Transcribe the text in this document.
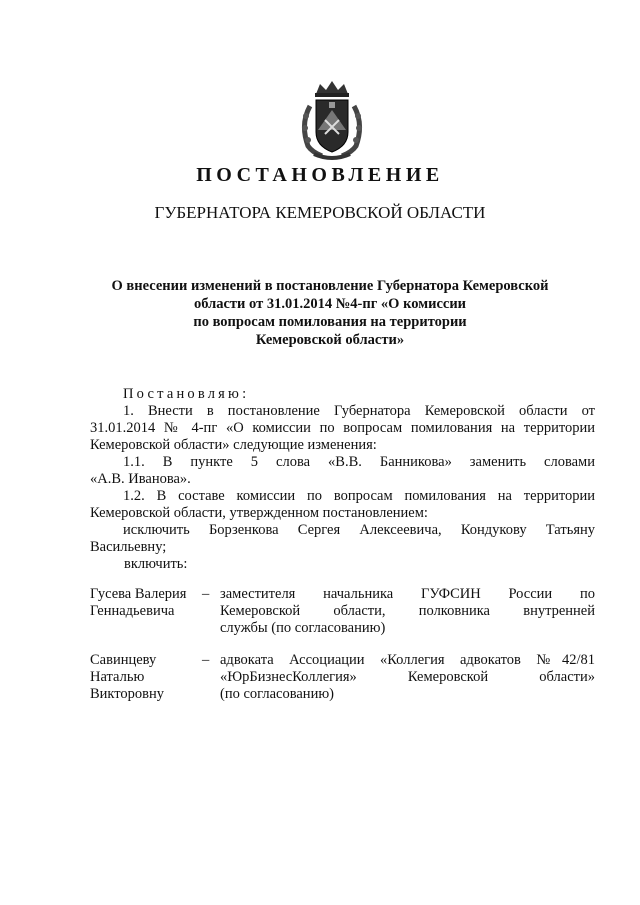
ПОСТАНОВЛЕНИЕ
ГУБЕРНАТОРА КЕМЕРОВСКОЙ ОБЛАСТИ
О внесении изменений в постановление Губернатора Кемеровской
области от 31.01.2014 №4-пг «О комиссии
по вопросам помилования на территории
Кемеровской области»
Постановляю:
1. Внести в постановление Губернатора Кемеровской области от
31.01.2014 № 4-пг «О комиссии по вопросам помилования на территории
Кемеровской области» следующие изменения:
1.1. В пункте 5 слова «В.В. Банникова» заменить словами
«А.В. Иванова».
1.2. В составе комиссии по вопросам помилования на территории
Кемеровской области, утвержденном постановлением:
исключить Борзенкова Сергея Алексеевича, Кондукову Татьяну
Васильевну;
включить:
Гусева Валерия
Геннадьевича
– заместителя начальника ГУФСИН России по
Кемеровской области, полковника внутренней
службы (по согласованию)
Савинцеву
Наталью
Викторовну
– адвоката Ассоциации «Коллегия адвокатов №42/81
«ЮрБизнесКоллегия» Кемеровской области»
(по согласованию)
